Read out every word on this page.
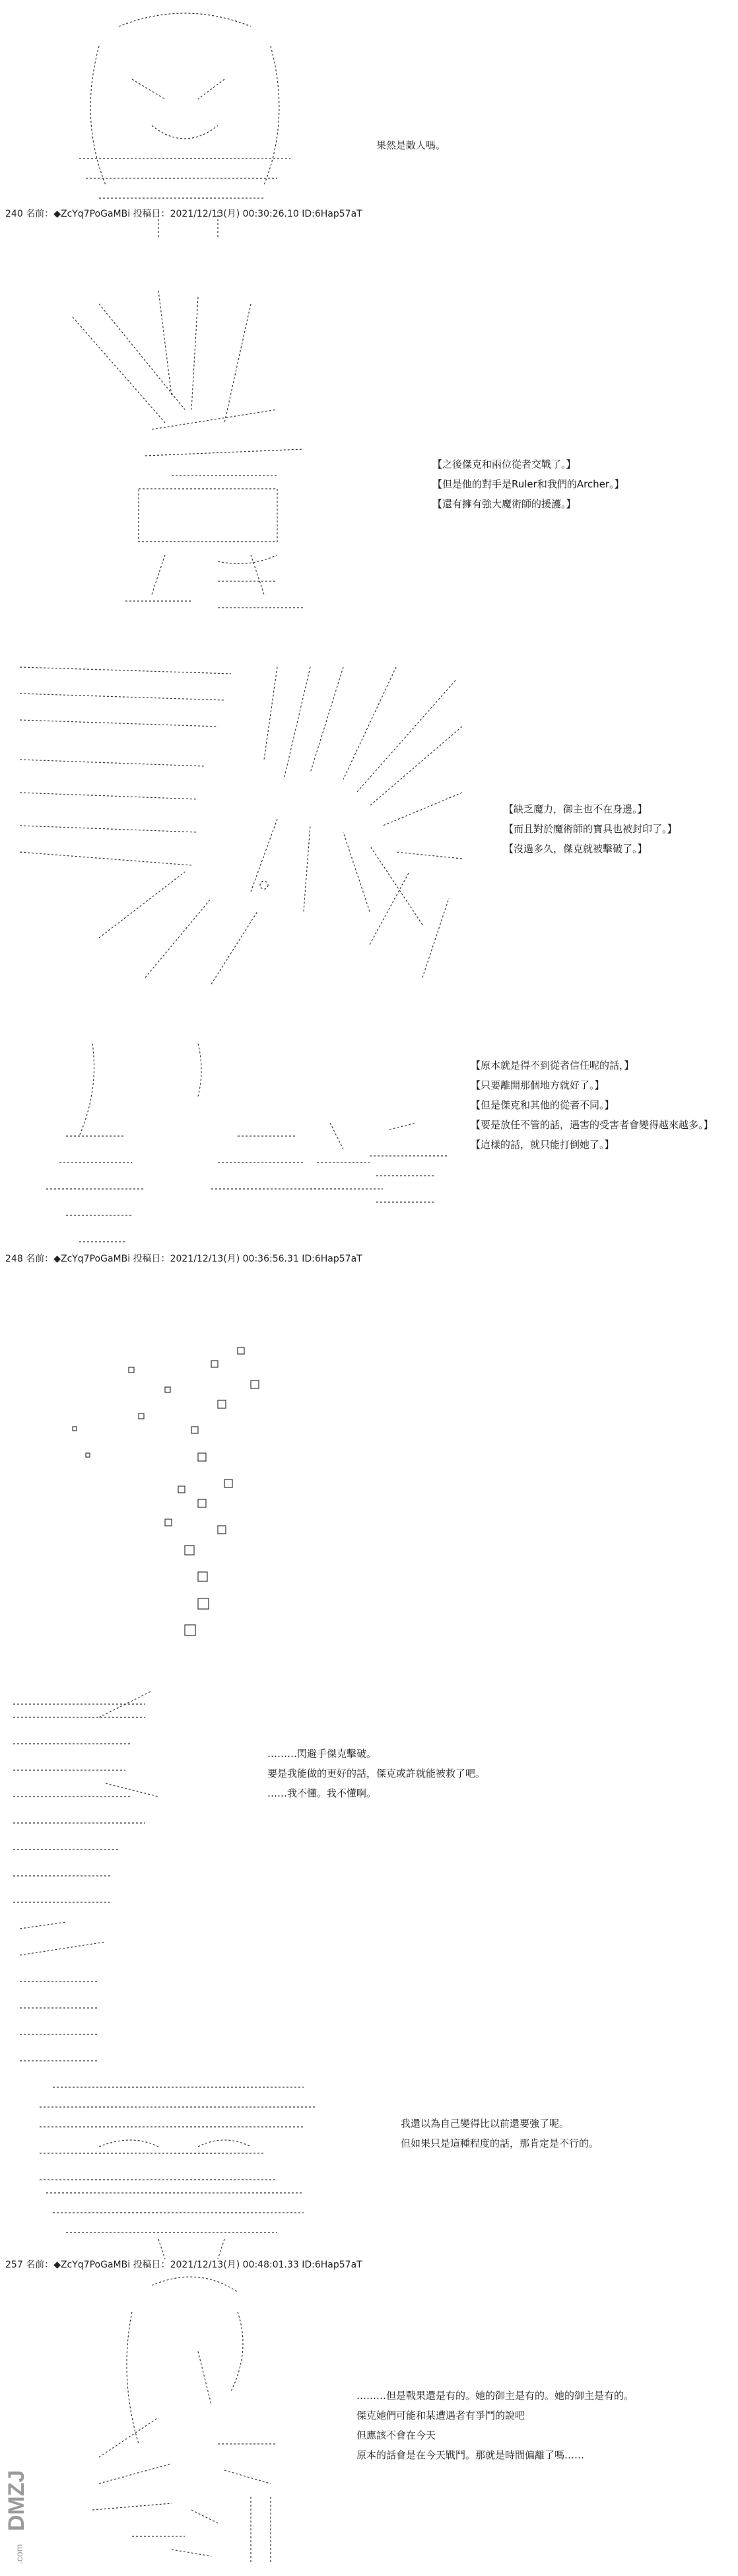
果然是敵人嗎。
【之後傑克和兩位從者交戰了。】
【但是他的對手是Ruler和我們的Archer。】
【還有擁有強大魔術師的援護。】
【缺乏魔力，御主也不在身邊。】
【而且對於魔術師的寶具也被封印了。】
【沒過多久，傑克就被擊破了。】
【原本就是得不到從者信任呢的話，】
【只要離開那個地方就好了。】
【但是傑克和其他的從者不同。】
【要是放任不管的話，遇害的受害者會變得越來越多。】
【這樣的話，就只能打倒她了。】
………閃避手傑克擊破。
要是我能做的更好的話，傑克或許就能被救了吧。
……我不懂。我不懂啊。
我還以為自己變得比以前還要強了呢。
但如果只是這種程度的話，那肯定是不行的。
………但是戰果還是有的。她的御主是有的。她的御主是有的。
傑克她們可能和某遭遇者有爭鬥的說吧
但應該不會在今天
原本的話會是在今天戰鬥。那就是時間偏離了嗎……
240 名前：◆ZcYq7PoGaMBi 投稿日：2021/12/13(月) 00:30:26.10 ID:6Hap57aT
248 名前：◆ZcYq7PoGaMBi 投稿日：2021/12/13(月) 00:36:56.31 ID:6Hap57aT
257 名前：◆ZcYq7PoGaMBi 投稿日：2021/12/13(月) 00:48:01.33 ID:6Hap57aT
DMZJ
.com
